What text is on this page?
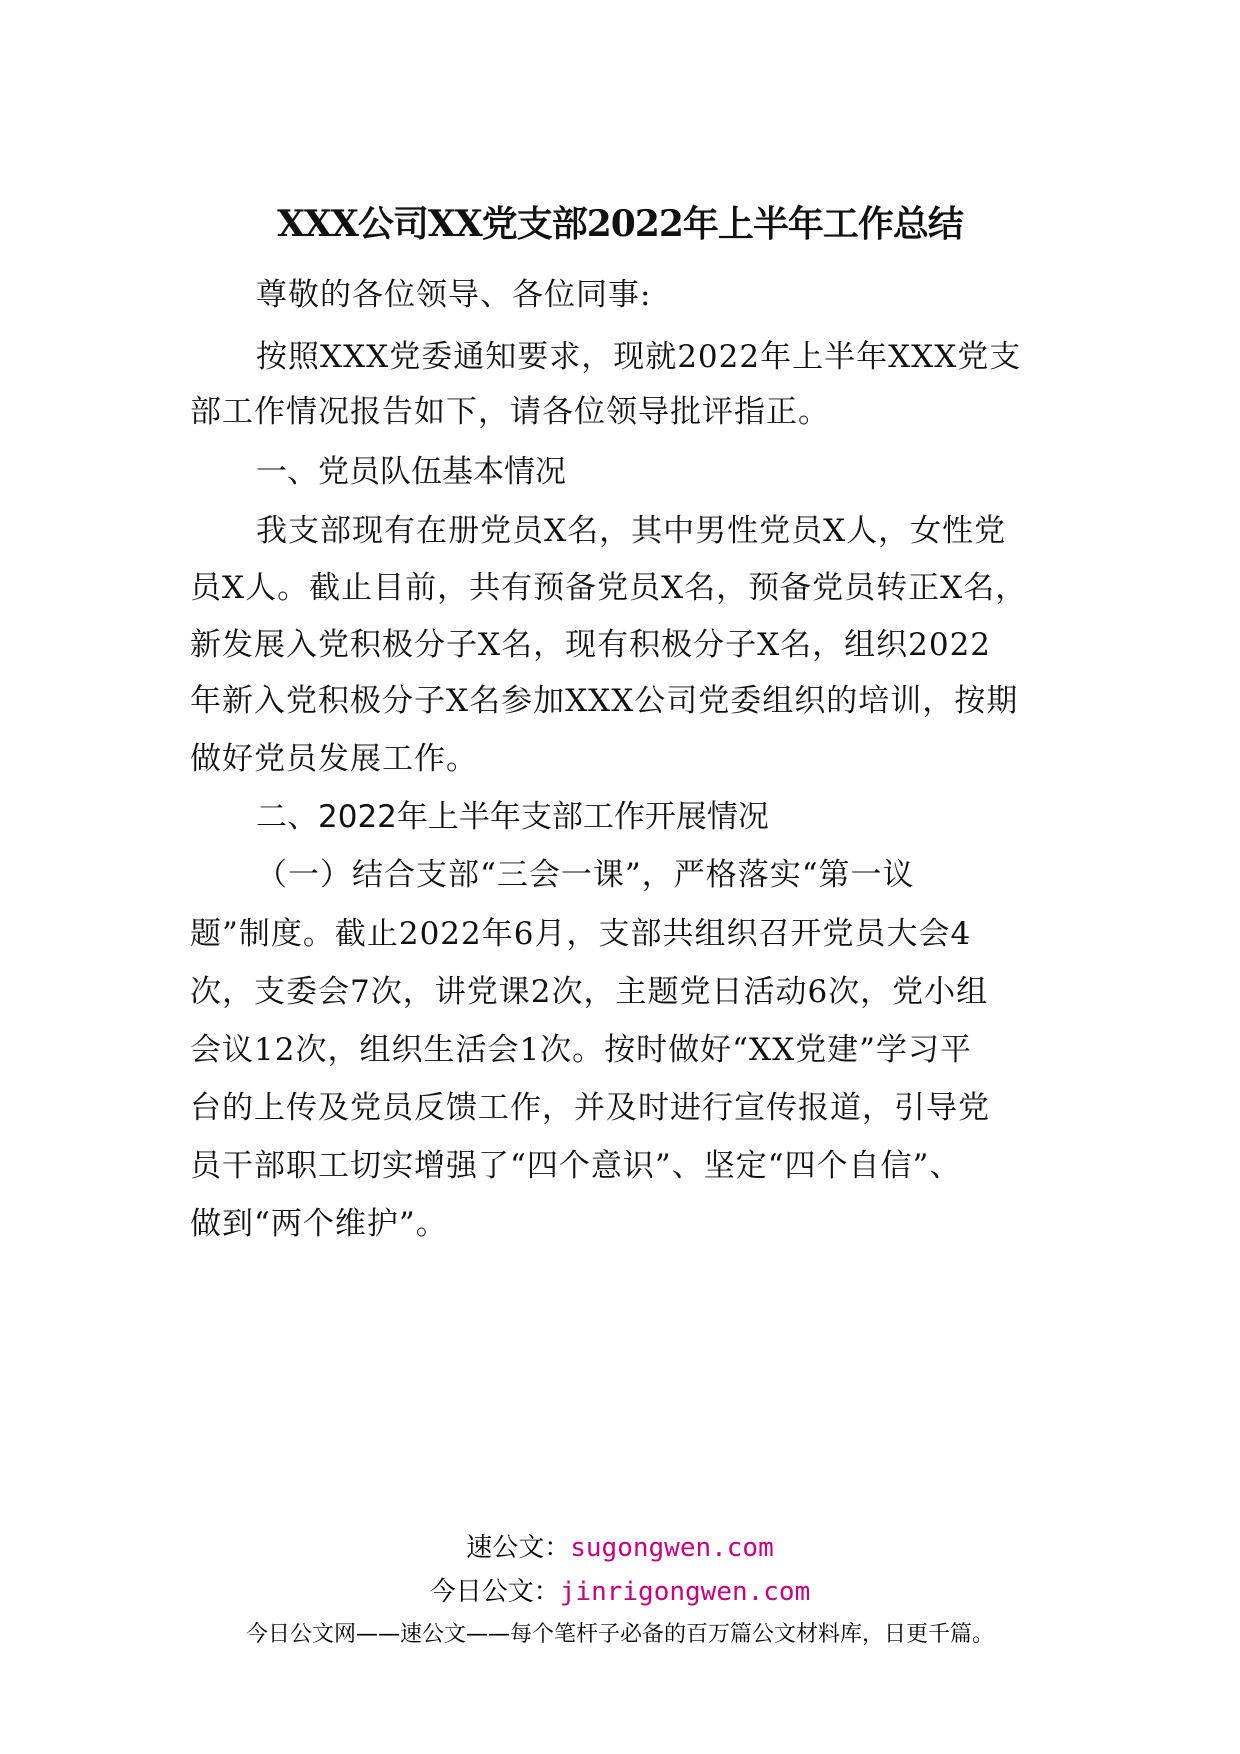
XXX公司XX党支部2022年上半年工作总结
尊敬的各位领导、各位同事:
按照XXX党委通知要求，现就2022年上半年XXX党支
部工作情况报告如下，请各位领导批评指正。
一、党员队伍基本情况
我支部现有在册党员X名，其中男性党员X人，女性党
员X人。截止目前，共有预备党员X名，预备党员转正X名，
新发展入党积极分子X名，现有积极分子X名，组织2022
年新入党积极分子X名参加XXX公司党委组织的培训，按期
做好党员发展工作。
二、2022年上半年支部工作开展情况
（一）结合支部“三会一课”，严格落实“第一议
题”制度。截止2022年6月，支部共组织召开党员大会4
次，支委会7次，讲党课2次，主题党日活动6次，党小组
会议12次，组织生活会1次。按时做好“XX党建”学习平
台的上传及党员反馈工作，并及时进行宣传报道，引导党
员干部职工切实增强了“四个意识”、坚定“四个自信”、
做到“两个维护”。
速公文：sugongwen.com
今日公文：jinrigongwen.com
今日公文网——速公文——每个笔杆子必备的百万篇公文材料库，日更千篇。
